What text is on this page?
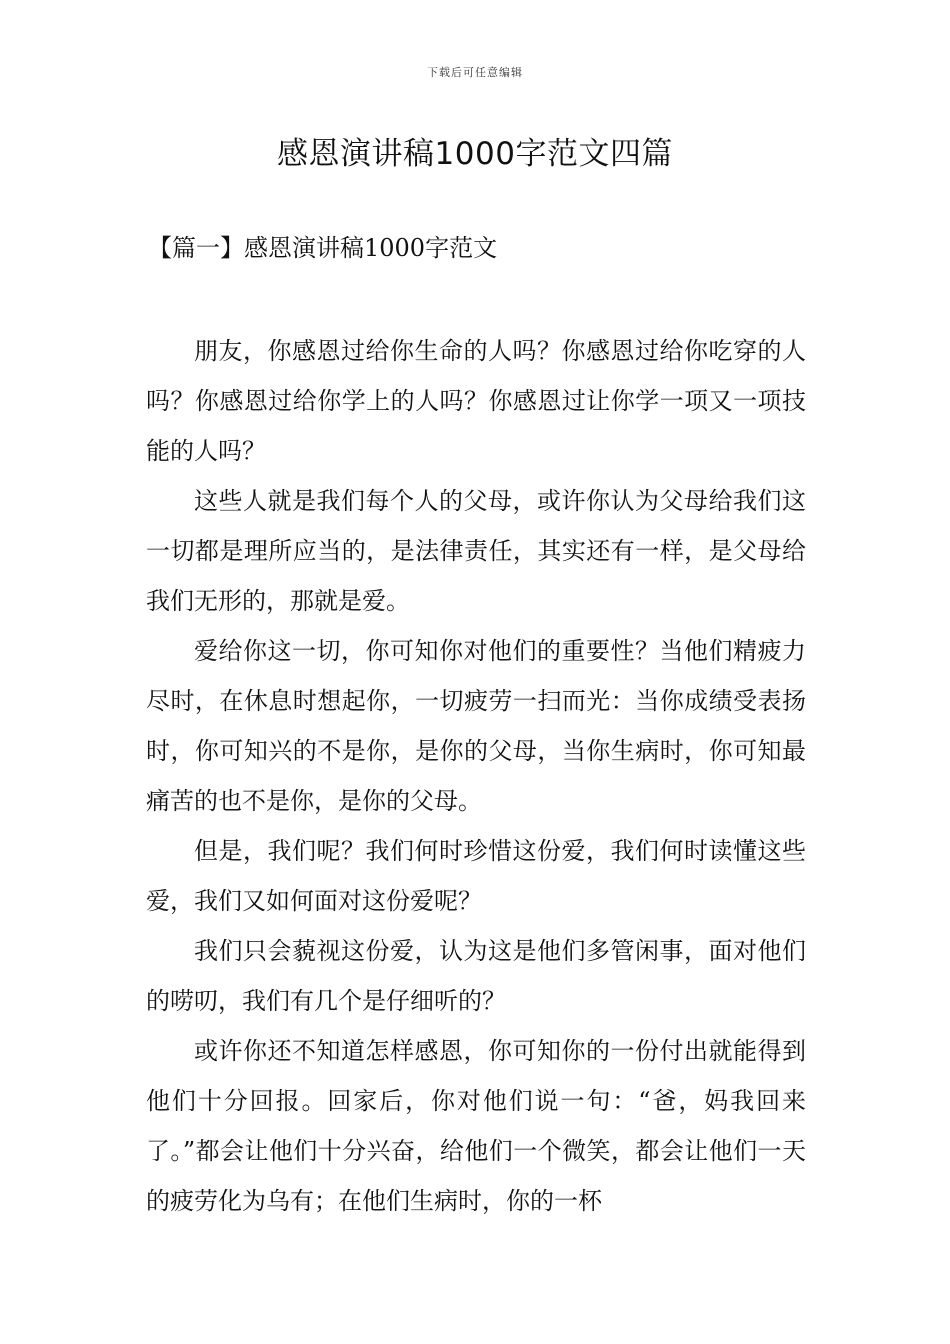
下载后可任意编辑
感恩演讲稿1000字范文四篇
【篇一】感恩演讲稿1000字范文

朋友，你感恩过给你生命的人吗？你感恩过给你吃穿的人吗？你感恩过给你学上的人吗？你感恩过让你学一项又一项技能的人吗？

这些人就是我们每个人的父母，或许你认为父母给我们这一切都是理所应当的，是法律责任，其实还有一样，是父母给我们无形的，那就是爱。

爱给你这一切，你可知你对他们的重要性？当他们精疲力尽时，在休息时想起你，一切疲劳一扫而光：当你成绩受表扬时，你可知兴的不是你，是你的父母，当你生病时，你可知最痛苦的也不是你，是你的父母。

但是，我们呢？我们何时珍惜这份爱，我们何时读懂这些爱，我们又如何面对这份爱呢？

我们只会藐视这份爱，认为这是他们多管闲事，面对他们的唠叨，我们有几个是仔细听的？

或许你还不知道怎样感恩，你可知你的一份付出就能得到他们十分回报。回家后，你对他们说一句：“爸，妈我回来了。”都会让他们十分兴奋，给他们一个微笑，都会让他们一天的疲劳化为乌有；在他们生病时，你的一杯
